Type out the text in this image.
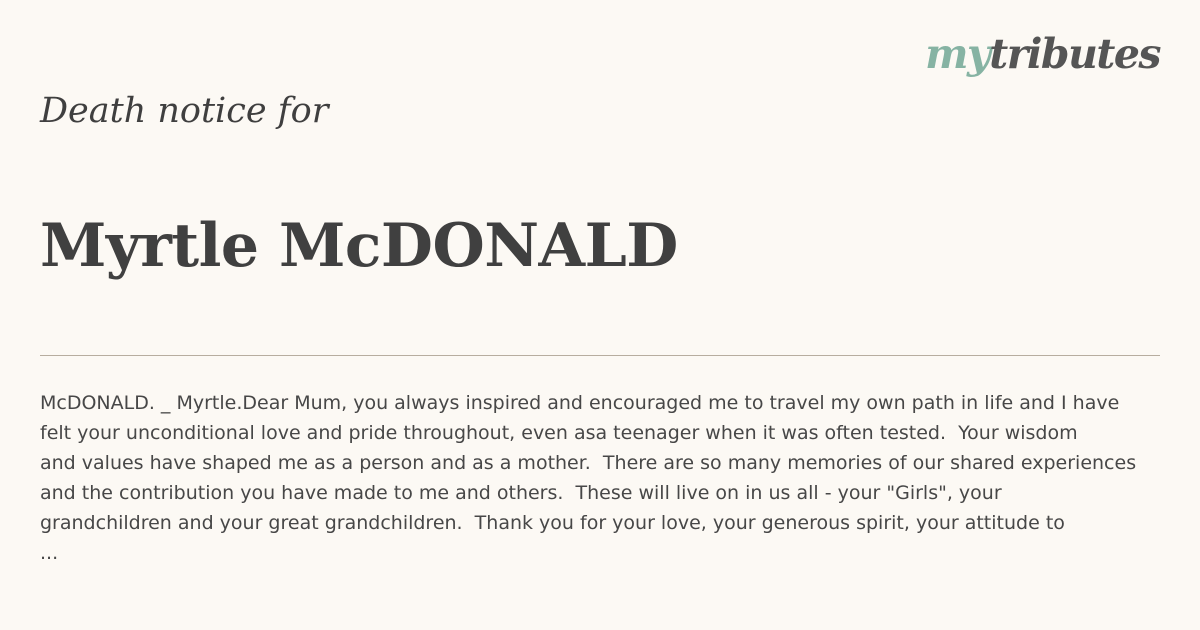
mytributes
Death notice for
Myrtle McDONALD
McDONALD. _ Myrtle.Dear Mum, you always inspired and encouraged me to travel my own path in life and I have
felt your unconditional love and pride throughout, even asa teenager when it was often tested.  Your wisdom
and values have shaped me as a person and as a mother.  There are so many memories of our shared experiences
and the contribution you have made to me and others.  These will live on in us all - your "Girls", your
grandchildren and your great grandchildren.  Thank you for your love, your generous spirit, your attitude to
...
